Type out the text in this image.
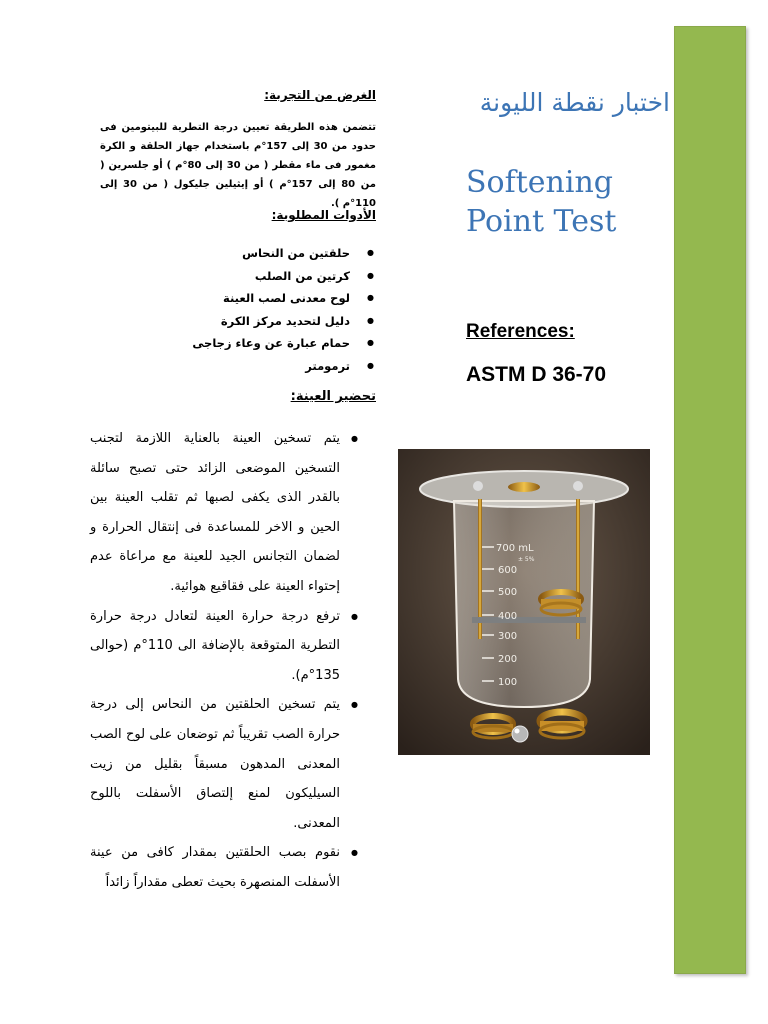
اختبار نقطة الليونة
Softening Point Test
References:
ASTM D 36-70
700 mL
± 5%
600
500
400
300
200
100
الغرض من التجربة:
تتضمن هذه الطريقة تعيين درجة التطرية للبيتومين فى حدود من 30 إلى 157°م باستخدام جهاز الحلقة و الكرة مغمور فى ماء مقطر ( من 30 إلى 80°م ) أو جلسرين ( من 80 إلى 157°م ) أو إيثيلين جليكول ( من 30 إلى 110°م ).
الأدوات المطلوبة:
● حلقتين من النحاس
● كرتين من الصلب
● لوح معدنى لصب العينة
● دليل لتحديد مركز الكرة
● حمام عبارة عن وعاء زجاجى
● ترمومتر
تحضير العينة:
● يتم تسخين العينة بالعناية اللازمة لتجنب التسخين الموضعى الزائد حتى تصبح سائلة بالقدر الذى يكفى لصبها ثم تقلب العينة بين الحين و الاخر للمساعدة فى إنتقال الحرارة و لضمان التجانس الجيد للعينة مع مراعاة عدم إحتواء العينة على فقاقيع هوائية.
● ترفع درجة حرارة العينة لتعادل درجة حرارة التطرية المتوقعة بالإضافة الى 110°م (حوالى 135°م).
● يتم تسخين الحلقتين من النحاس إلى درجة حرارة الصب تقريباً ثم توضعان على لوح الصب المعدنى المدهون مسبقاً بقليل من زيت السيليكون لمنع إلتصاق الأسفلت باللوح المعدنى.
● نقوم بصب الحلقتين بمقدار كافى من عينة الأسفلت المنصهرة بحيث تعطى مقداراً زائداً
